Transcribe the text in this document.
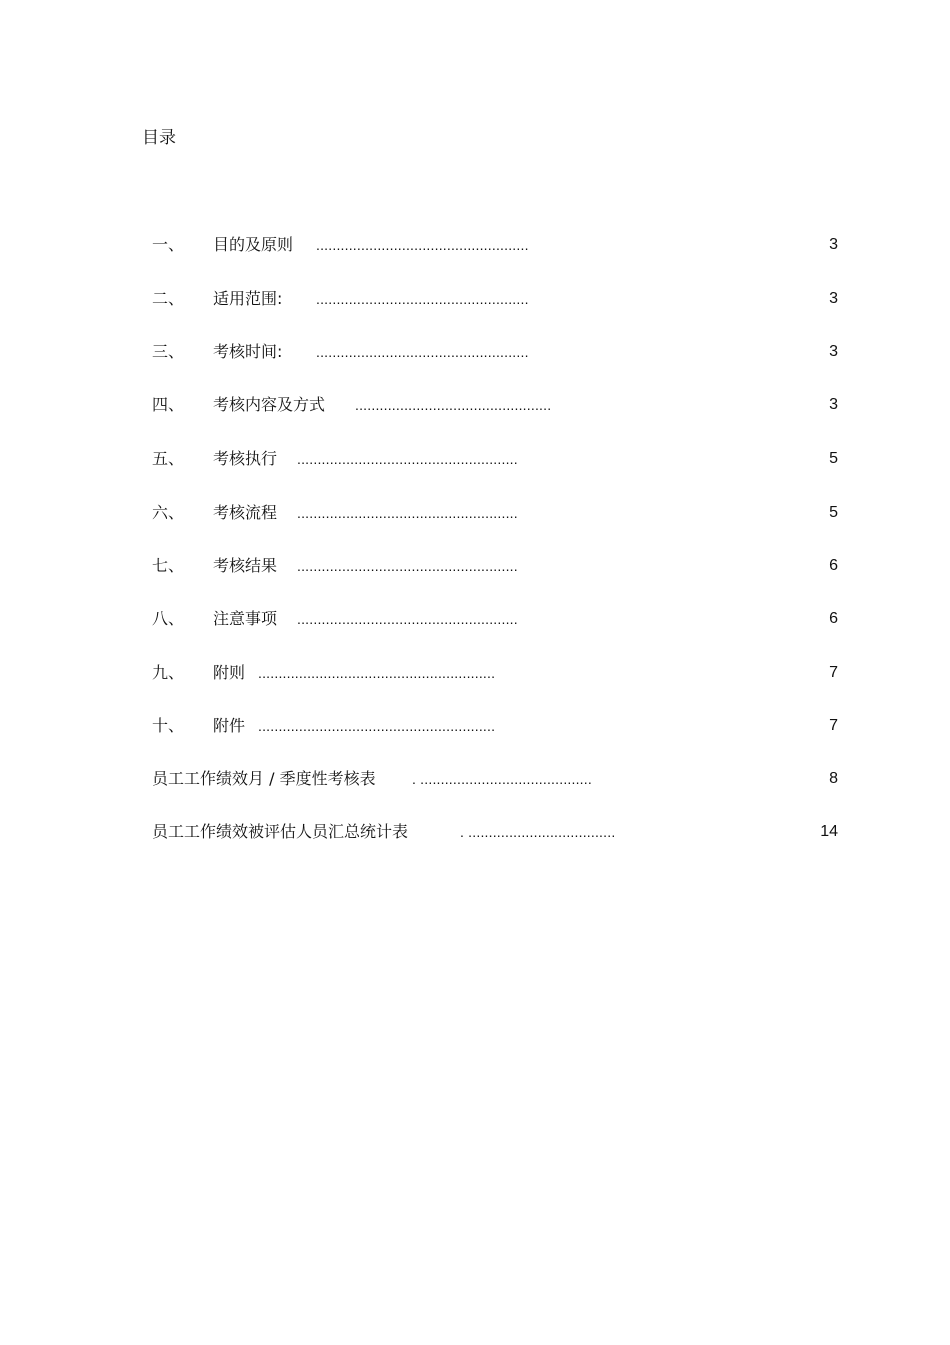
目录
一、 目的及原则 ....................................................	3
二、 适用范围: ....................................................	3
三、 考核时间: ....................................................	3
四、 考核内容及方式 ................................................	3
五、 考核执行 ......................................................	5
六、 考核流程 ......................................................	5
七、 考核结果 ......................................................	6
八、 注意事项 ......................................................	6
九、 附则 ..........................................................	7
十、 附件 ..........................................................	7
员工工作绩效月 / 季度性考核表	. ..........................................	8
员工工作绩效被评估人员汇总统计表	. ....................................	14
